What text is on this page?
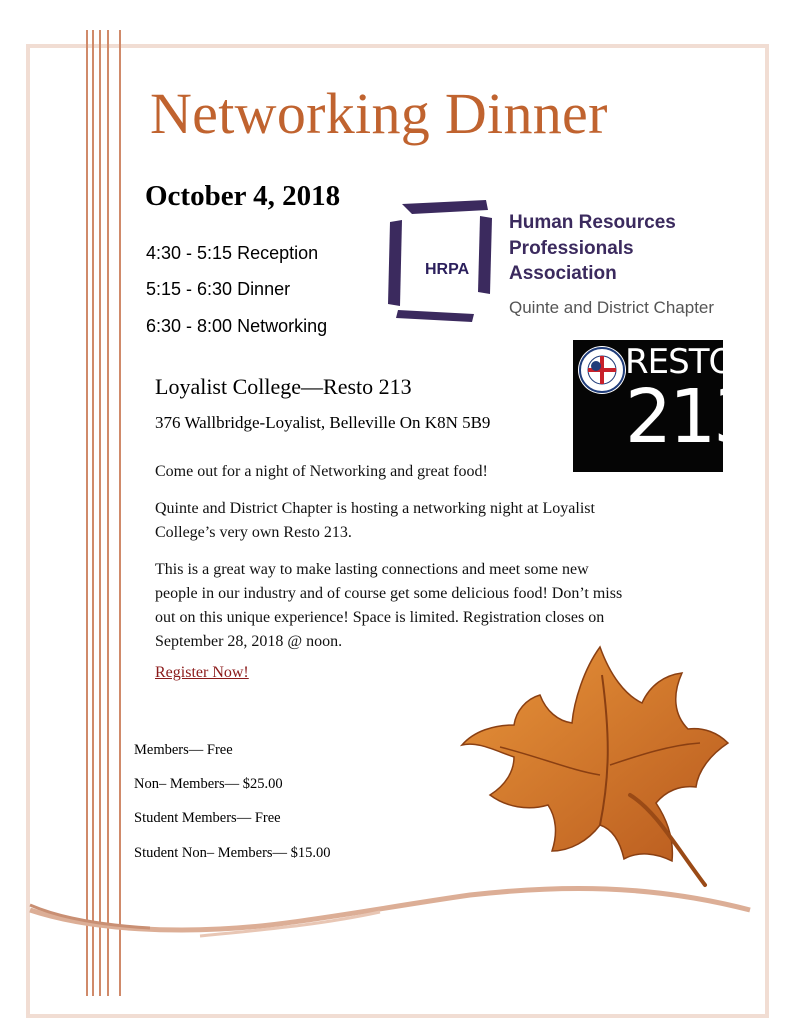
Networking Dinner
October 4, 2018
4:30 - 5:15 Reception
5:15 - 6:30 Dinner
6:30 - 8:00 Networking
HRPA
Human Resources
Professionals
Association
Quinte and District Chapter
RESTO
213
Loyalist College—Resto 213
376 Wallbridge-Loyalist, Belleville On K8N 5B9
Come out for a night of Networking and great food!
Quinte and District Chapter is hosting a networking night at Loyalist College’s very own Resto 213.
This is a great way to make lasting connections and meet some new people in our industry and of course get some delicious food! Don’t miss out on this unique experience! Space is limited. Registration closes on September 28, 2018 @ noon.
Register Now!
Members— Free
Non– Members— $25.00
Student Members— Free
Student Non– Members— $15.00
